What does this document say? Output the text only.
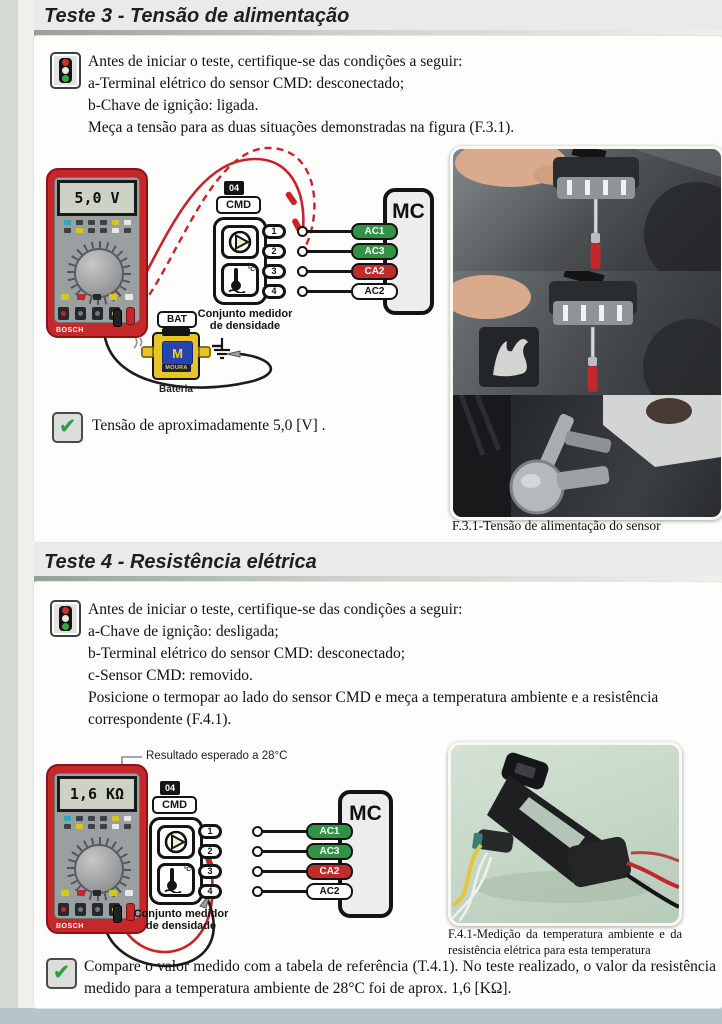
Teste 3 - Tensão de alimentação
Antes de iniciar o teste, certifique-se das condições a seguir:
a-Terminal elétrico do sensor CMD: desconectado;
b-Chave de ignição: ligada.
Meça a tensão para as duas situações demonstradas na figura (F.3.1).
5,0 V
BOSCH
04
CMD
°C
1
2
3
4
Conjunto medidor
de densidade
BAT
M
MOURA
Bateria
MC
AC1
AC3
CA2
AC2
✔	Tensão de aproximadamente 5,0 [V] .
F.3.1-Tensão de alimentação do sensor
Teste 4 - Resistência elétrica
Antes de iniciar o teste, certifique-se das condições a seguir:
a-Chave de ignição: desligada;
b-Terminal elétrico do sensor CMD: desconectado;
c-Sensor CMD: removido.
Posicione o termopar ao lado do sensor CMD e meça a temperatura ambiente e a resistência correspondente (F.4.1).
Resultado esperado a 28°C
1,6 KΩ
BOSCH
04
CMD
°C
1
2
3
4
Conjunto medidor
de densidade
MC
AC1
AC3
CA2
AC2
F.4.1-Medição da temperatura ambiente e da resistência elétrica para esta temperatura
✔ Compare o valor medido com a tabela de referência (T.4.1). No teste realizado, o valor da resistência medido para a temperatura ambiente de 28°C foi de aprox. 1,6 [KΩ].
